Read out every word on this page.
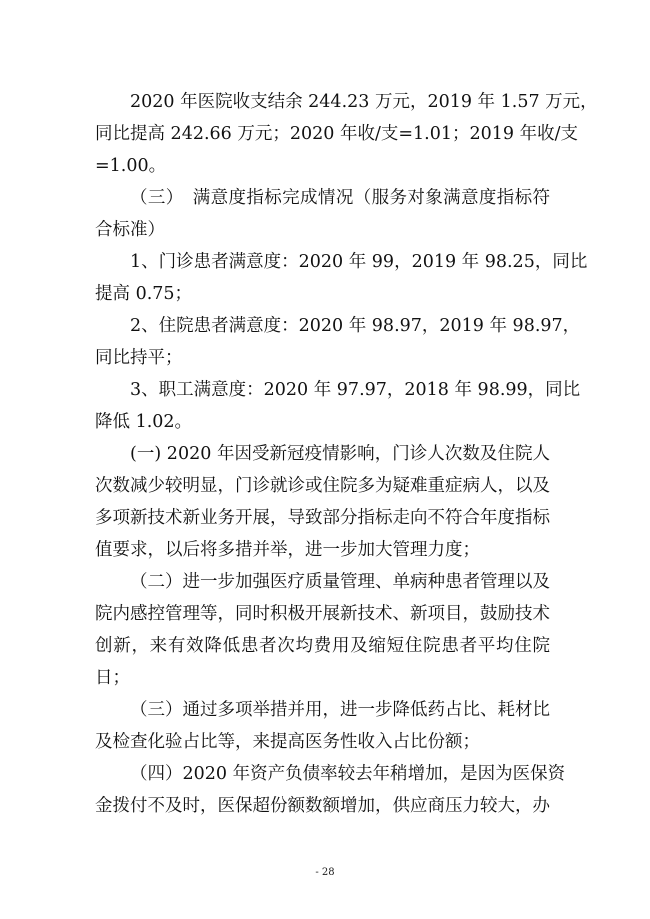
2020 年医院收支结余 244.23 万元，2019 年 1.57 万元，
同比提高 242.66 万元；2020 年收/支=1.01；2019 年收/支
=1.00。
（三）　满意度指标完成情况（服务对象满意度指标符
合标准）
1、门诊患者满意度：2020 年 99，2019 年 98.25，同比
提高 0.75；
2、住院患者满意度：2020 年 98.97，2019 年 98.97，
同比持平；
3、职工满意度：2020 年 97.97，2018 年 98.99，同比
降低 1.02。
(一) 2020 年因受新冠疫情影响，门诊人次数及住院人
次数减少较明显，门诊就诊或住院多为疑难重症病人，以及
多项新技术新业务开展，导致部分指标走向不符合年度指标
值要求，以后将多措并举，进一步加大管理力度；
（二）进一步加强医疗质量管理、单病种患者管理以及
院内感控管理等，同时积极开展新技术、新项目，鼓励技术
创新，来有效降低患者次均费用及缩短住院患者平均住院
日；
（三）通过多项举措并用，进一步降低药占比、耗材比
及检查化验占比等，来提高医务性收入占比份额；
（四）2020 年资产负债率较去年稍增加，是因为医保资
金拨付不及时，医保超份额数额增加，供应商压力较大，办
- 28
